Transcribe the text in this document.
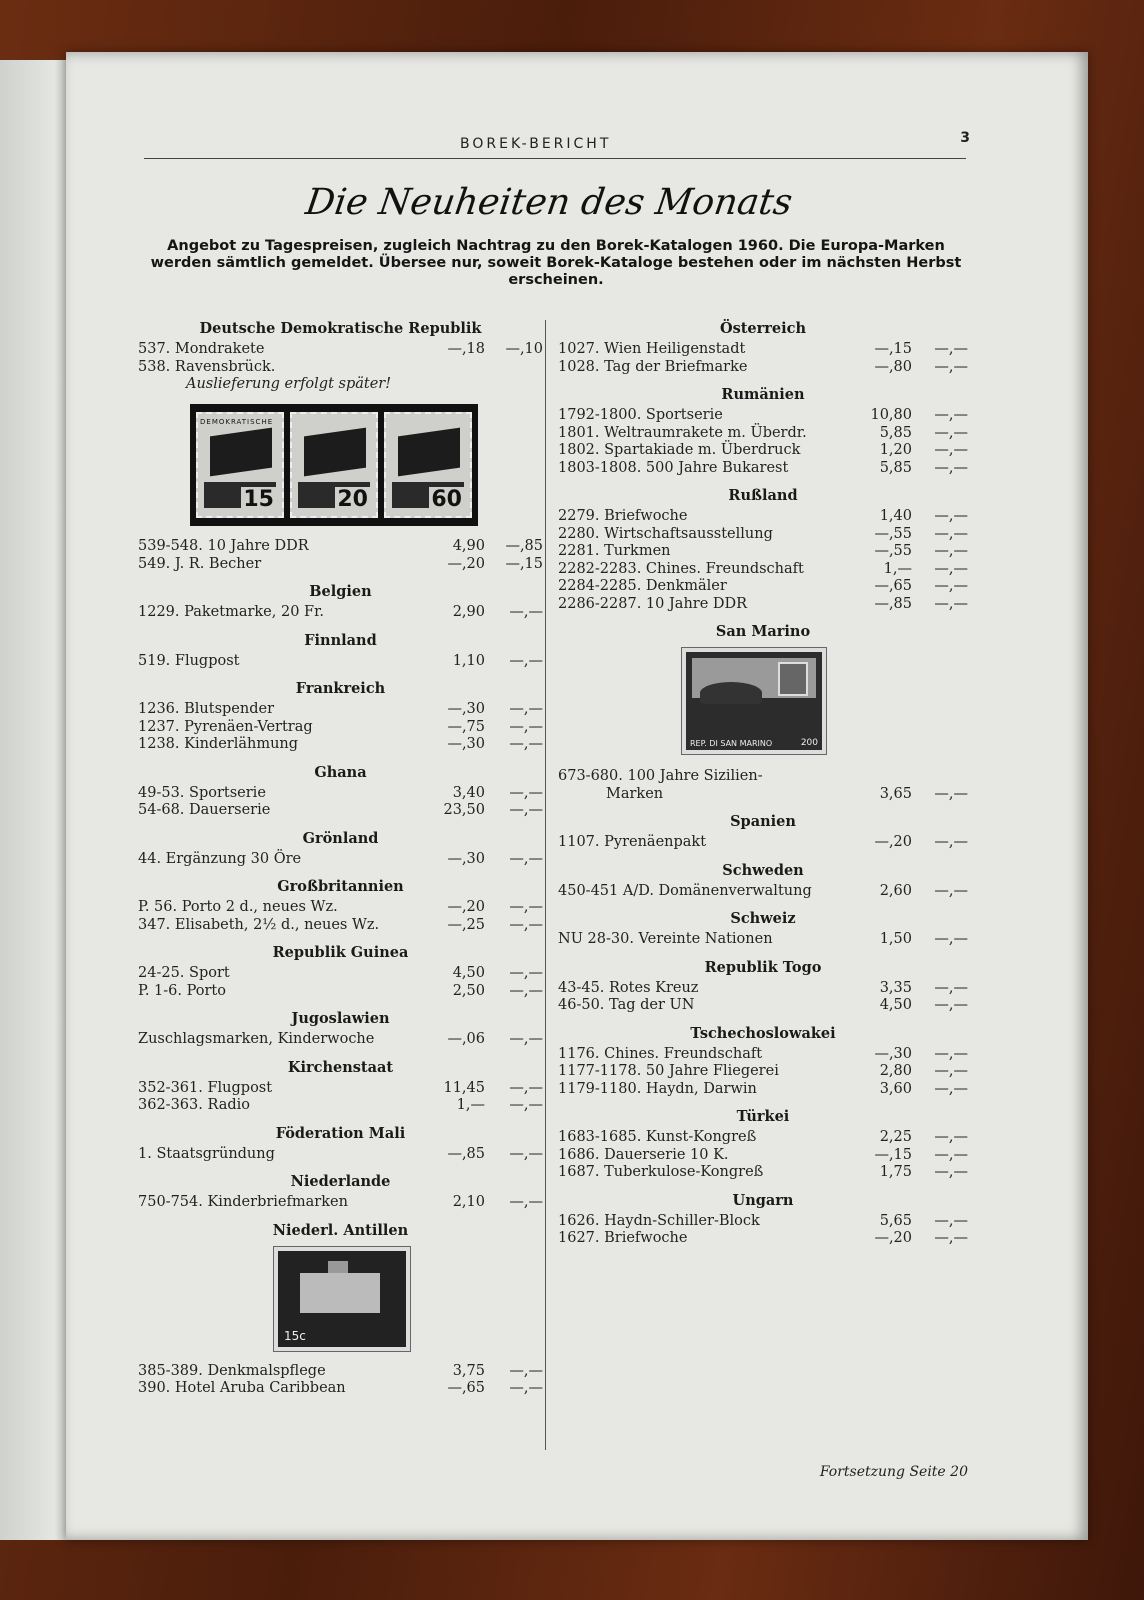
BOREK-BERICHT	3
Die Neuheiten des Monats
Angebot zu Tagespreisen, zugleich Nachtrag zu den Borek-Katalogen 1960. Die Europa-Marken werden sämtlich gemeldet. Übersee nur, soweit Borek-Kataloge bestehen oder im nächsten Herbst erscheinen.
Deutsche Demokratische Republik
537. Mondrakete	—,18 —,10
538. Ravensbrück.
Auslieferung erfolgt später!
DEMOKRATISCHE
15	20	60
539-548. 10 Jahre DDR	4,90 —,85
549. J. R. Becher	—,20 —,15
Belgien
1229. Paketmarke, 20 Fr.	2,90 —,—
Finnland
519. Flugpost	1,10 —,—
Frankreich
1236. Blutspender	—,30 —,—
1237. Pyrenäen-Vertrag	—,75 —,—
1238. Kinderlähmung	—,30 —,—
Ghana
49-53. Sportserie	3,40 —,—
54-68. Dauerserie	23,50 —,—
Grönland
44. Ergänzung 30 Öre	—,30 —,—
Großbritannien
P. 56. Porto 2 d., neues Wz.	—,20 —,—
347. Elisabeth, 2½ d., neues Wz.	—,25 —,—
Republik Guinea
24-25. Sport	4,50 —,—
P. 1-6. Porto	2,50 —,—
Jugoslawien
Zuschlagsmarken, Kinderwoche	—,06 —,—
Kirchenstaat
352-361. Flugpost	11,45 —,—
362-363. Radio	1,— —,—
Föderation Mali
1. Staatsgründung	—,85 —,—
Niederlande
750-754. Kinderbriefmarken	2,10 —,—
Niederl. Antillen
15c
385-389. Denkmalspflege	3,75 —,—
390. Hotel Aruba Caribbean	—,65 —,—
Österreich
1027. Wien Heiligenstadt	—,15 —,—
1028. Tag der Briefmarke	—,80 —,—
Rumänien
1792-1800. Sportserie	10,80 —,—
1801. Weltraumrakete m. Überdr.	5,85 —,—
1802. Spartakiade m. Überdruck	1,20 —,—
1803-1808. 500 Jahre Bukarest	5,85 —,—
Rußland
2279. Briefwoche	1,40 —,—
2280. Wirtschaftsausstellung	—,55 —,—
2281. Turkmen	—,55 —,—
2282-2283. Chines. Freundschaft	1,— —,—
2284-2285. Denkmäler	—,65 —,—
2286-2287. 10 Jahre DDR	—,85 —,—
San Marino
REP. DI SAN MARINO	200
673-680. 100 Jahre Sizilien-
Marken	3,65 —,—
Spanien
1107. Pyrenäenpakt	—,20 —,—
Schweden
450-451 A/D. Domänenverwaltung	2,60 —,—
Schweiz
NU 28-30. Vereinte Nationen	1,50 —,—
Republik Togo
43-45. Rotes Kreuz	3,35 —,—
46-50. Tag der UN	4,50 —,—
Tschechoslowakei
1176. Chines. Freundschaft	—,30 —,—
1177-1178. 50 Jahre Fliegerei	2,80 —,—
1179-1180. Haydn, Darwin	3,60 —,—
Türkei
1683-1685. Kunst-Kongreß	2,25 —,—
1686. Dauerserie 10 K.	—,15 —,—
1687. Tuberkulose-Kongreß	1,75 —,—
Ungarn
1626. Haydn-Schiller-Block	5,65 —,—
1627. Briefwoche	—,20 —,—
Fortsetzung Seite 20
